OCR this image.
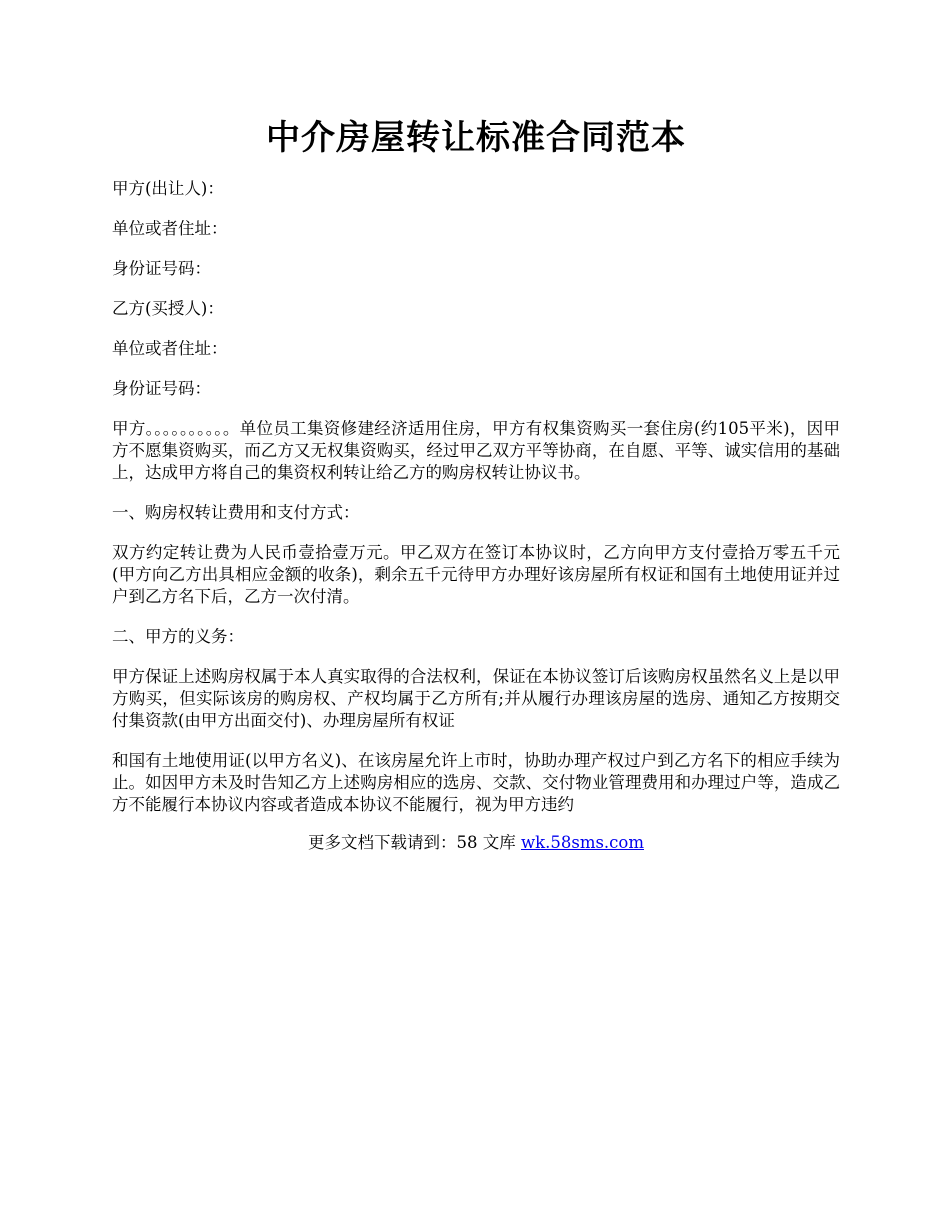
中介房屋转让标准合同范本
甲方(出让人)：
单位或者住址：
身份证号码：
乙方(买授人)：
单位或者住址：
身份证号码：
甲方。。。。。。。。。。单位员工集资修建经济适用住房，甲方有权集资购买一套住房(约105平米)，因甲方不愿集资购买，而乙方又无权集资购买，经过甲乙双方平等协商，在自愿、平等、诚实信用的基础上，达成甲方将自己的集资权利转让给乙方的购房权转让协议书。
一、购房权转让费用和支付方式：
双方约定转让费为人民币壹拾壹万元。甲乙双方在签订本协议时，乙方向甲方支付壹拾万零五千元(甲方向乙方出具相应金额的收条)，剩余五千元待甲方办理好该房屋所有权证和国有土地使用证并过户到乙方名下后，乙方一次付清。
二、甲方的义务：
甲方保证上述购房权属于本人真实取得的合法权利，保证在本协议签订后该购房权虽然名义上是以甲方购买，但实际该房的购房权、产权均属于乙方所有;并从履行办理该房屋的选房、通知乙方按期交付集资款(由甲方出面交付)、办理房屋所有权证
和国有土地使用证(以甲方名义)、在该房屋允许上市时，协助办理产权过户到乙方名下的相应手续为止。如因甲方未及时告知乙方上述购房相应的选房、交款、交付物业管理费用和办理过户等，造成乙方不能履行本协议内容或者造成本协议不能履行，视为甲方违约
更多文档下载请到：58 文库 wk.58sms.com
